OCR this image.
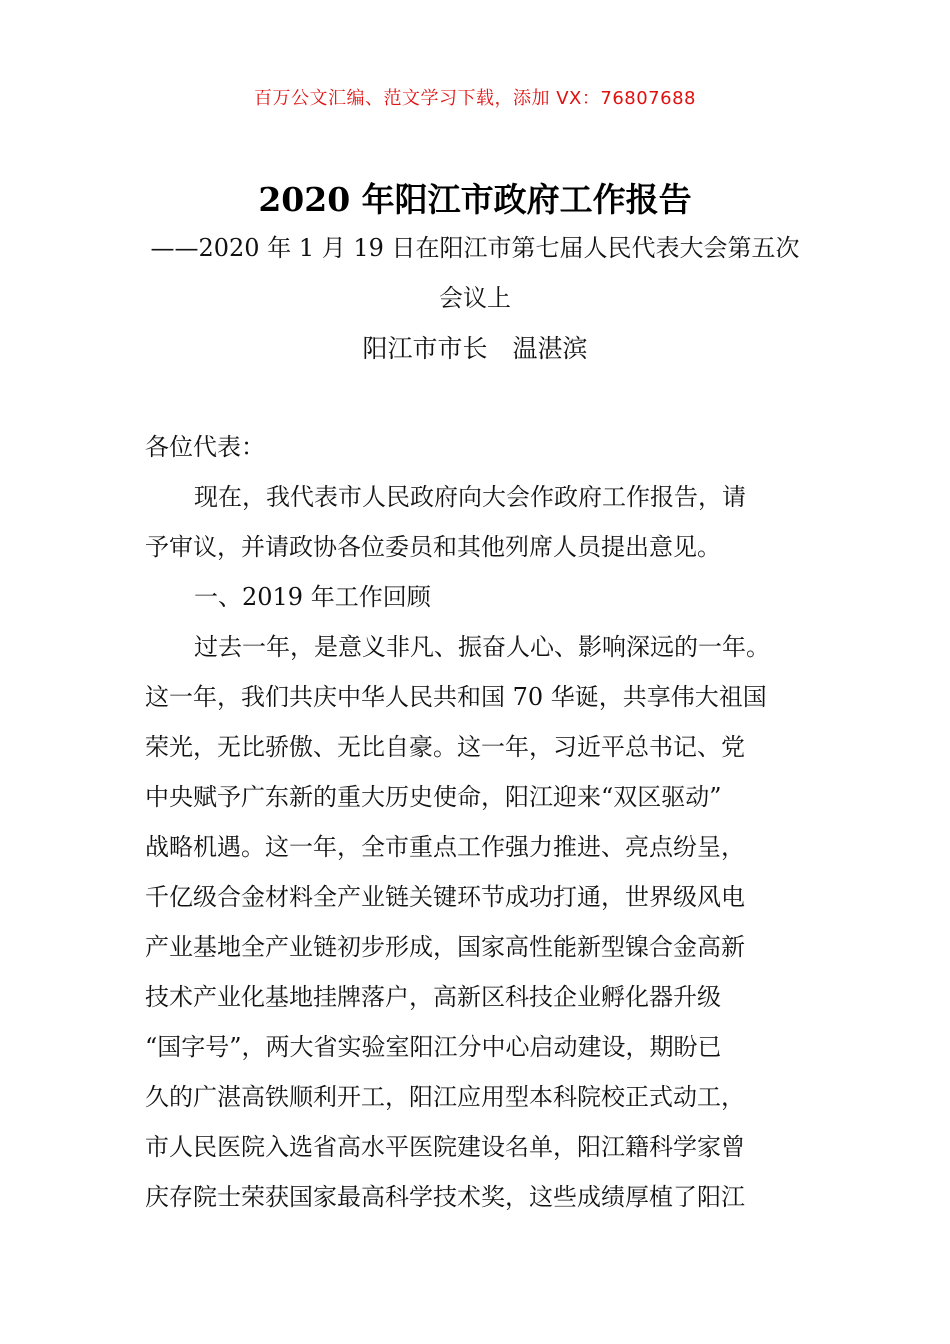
百万公文汇编、范文学习下载，添加 VX：76807688
2020 年阳江市政府工作报告
——2020 年 1 月 19 日在阳江市第七届人民代表大会第五次
会议上
阳江市市长　温湛滨
各位代表：
现在，我代表市人民政府向大会作政府工作报告，请
予审议，并请政协各位委员和其他列席人员提出意见。
一、2019 年工作回顾
过去一年，是意义非凡、振奋人心、影响深远的一年。
这一年，我们共庆中华人民共和国 70 华诞，共享伟大祖国
荣光，无比骄傲、无比自豪。这一年，习近平总书记、党
中央赋予广东新的重大历史使命，阳江迎来“双区驱动”
战略机遇。这一年，全市重点工作强力推进、亮点纷呈，
千亿级合金材料全产业链关键环节成功打通，世界级风电
产业基地全产业链初步形成，国家高性能新型镍合金高新
技术产业化基地挂牌落户，高新区科技企业孵化器升级
“国字号”，两大省实验室阳江分中心启动建设，期盼已
久的广湛高铁顺利开工，阳江应用型本科院校正式动工，
市人民医院入选省高水平医院建设名单，阳江籍科学家曾
庆存院士荣获国家最高科学技术奖，这些成绩厚植了阳江
